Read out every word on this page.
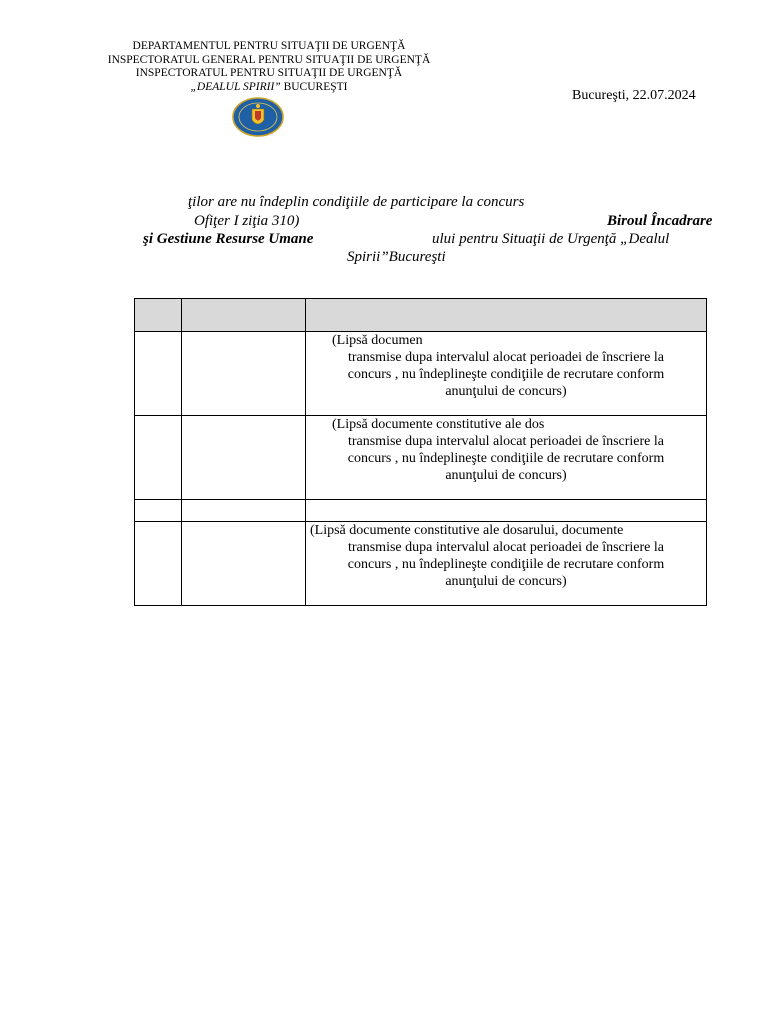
DEPARTAMENTUL PENTRU SITUAŢII DE URGENŢĂ
INSPECTORATUL GENERAL PENTRU SITUAŢII DE URGENŢĂ
INSPECTORATUL PENTRU SITUAŢII DE URGENŢĂ
„DEALUL SPIRII” BUCUREŞTI
Bucureşti, 22.07.2024
ţilor are nu îndeplin condiţiile de participare la concurs
Ofiţer I ziţia 310)	Biroul Încadrare
şi Gestiune Resurse Umane	ului pentru Situaţii de Urgenţă „Dealul
Spirii”Bucureşti

		(Lipsă documen
transmise dupa intervalul alocat perioadei de înscriere la
concurs , nu îndeplineşte condiţiile de recrutare conform
anunţului de concurs)

		(Lipsă documente constitutive ale dos
transmise dupa intervalul alocat perioadei de înscriere la
concurs , nu îndeplineşte condiţiile de recrutare conform
anunţului de concurs)

		(Lipsă documente constitutive ale dosarului, documente
transmise dupa intervalul alocat perioadei de înscriere la
concurs , nu îndeplineşte condiţiile de recrutare conform
anunţului de concurs)
